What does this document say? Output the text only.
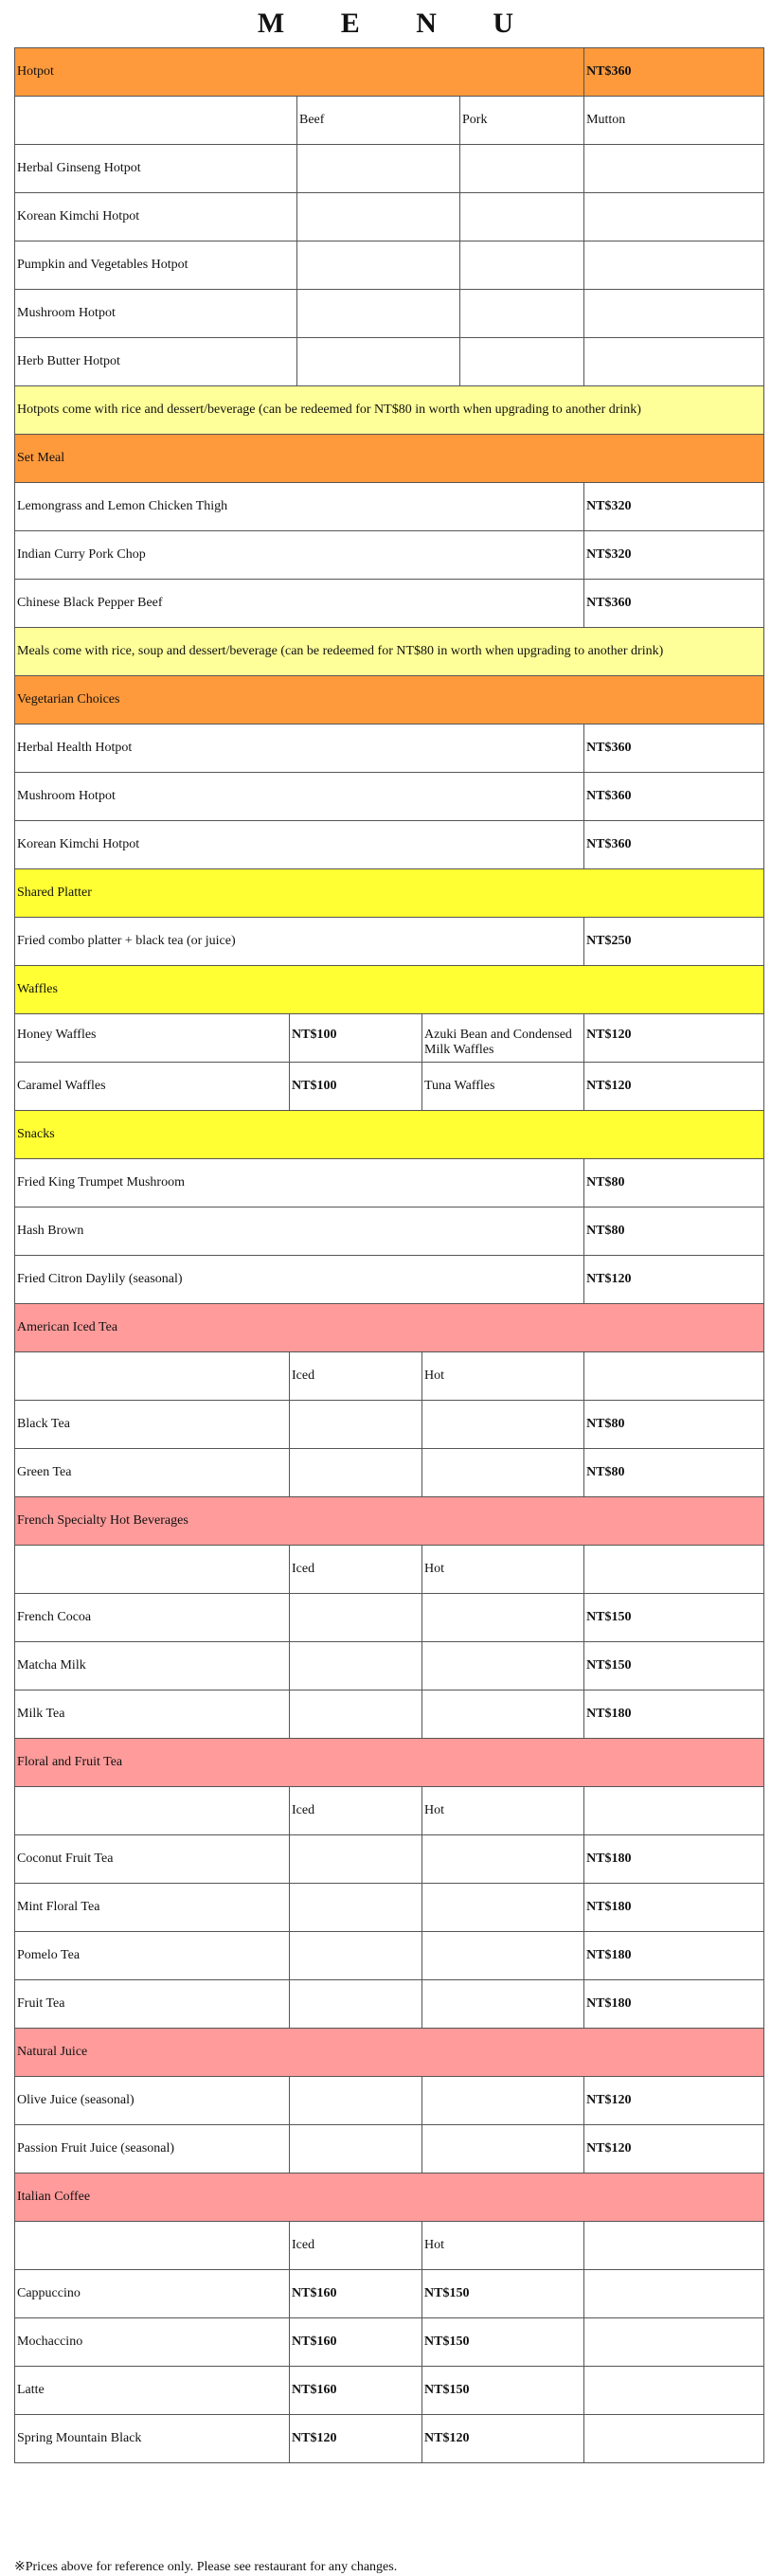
M E N U
Hotpot					NT$360
		Beef		Pork	Mutton
Herbal Ginseng Hotpot					
Korean Kimchi Hotpot					
Pumpkin and Vegetables Hotpot					
Mushroom Hotpot					
Herb Butter Hotpot					
Hotpots come with rice and dessert/beverage (can be redeemed for NT$80 in worth when upgrading to another drink)					
Set Meal					
Lemongrass and Lemon Chicken Thigh					NT$320
Indian Curry Pork Chop					NT$320
Chinese Black Pepper Beef					NT$360
Meals come with rice, soup and dessert/beverage (can be redeemed for NT$80 in worth when upgrading to another drink)					
Vegetarian Choices					
Herbal Health Hotpot					NT$360
Mushroom Hotpot					NT$360
Korean Kimchi Hotpot					NT$360
Shared Platter					
Fried combo platter + black tea (or juice)					NT$250
Waffles					
Honey Waffles	NT$100		Azuki Bean and Condensed Milk Waffles		NT$120
Caramel Waffles	NT$100		Tuna Waffles		NT$120
Snacks					
Fried King Trumpet Mushroom					NT$80
Hash Brown					NT$80
Fried Citron Daylily (seasonal)					NT$120
American Iced Tea					
	Iced		Hot		
Black Tea					NT$80
Green Tea					NT$80
French Specialty Hot Beverages					
	Iced		Hot		
French Cocoa					NT$150
Matcha Milk					NT$150
Milk Tea					NT$180
Floral and Fruit Tea					
	Iced		Hot		
Coconut Fruit Tea					NT$180
Mint Floral Tea					NT$180
Pomelo Tea					NT$180
Fruit Tea					NT$180
Natural Juice					
Olive Juice (seasonal)					NT$120
Passion Fruit Juice (seasonal)					NT$120
Italian Coffee					
	Iced		Hot		
Cappuccino	NT$160		NT$150		
Mochaccino	NT$160		NT$150		
Latte	NT$160		NT$150		
Spring Mountain Black	NT$120		NT$120		
※Prices above for reference only. Please see restaurant for any changes.
